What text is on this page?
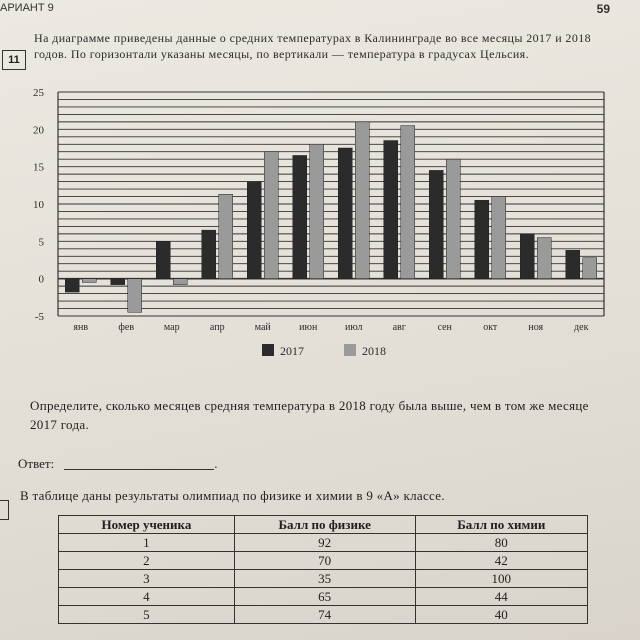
АРИАНТ 9	59
11
На диаграмме приведены данные о средних температурах в Калининграде во все месяцы 2017 и 2018 годов. По горизонтали указаны месяцы, по вертикали — температура в градусах Цельсия.
-5
0
5
10
15
20
25
янв	фев	мар	апр	май	июн	июл	авг	сен	окт	ноя	дек
2017	2018
Определите, сколько месяцев средняя температура в 2018 году была выше, чем в том же месяце 2017 года.
Ответ:	.
В таблице даны результаты олимпиад по физике и химии в 9 «А» классе.
Номер ученика	Балл по физике	Балл по химии
1	92	80
2	70	42
3	35	100
4	65	44
5	74	40
